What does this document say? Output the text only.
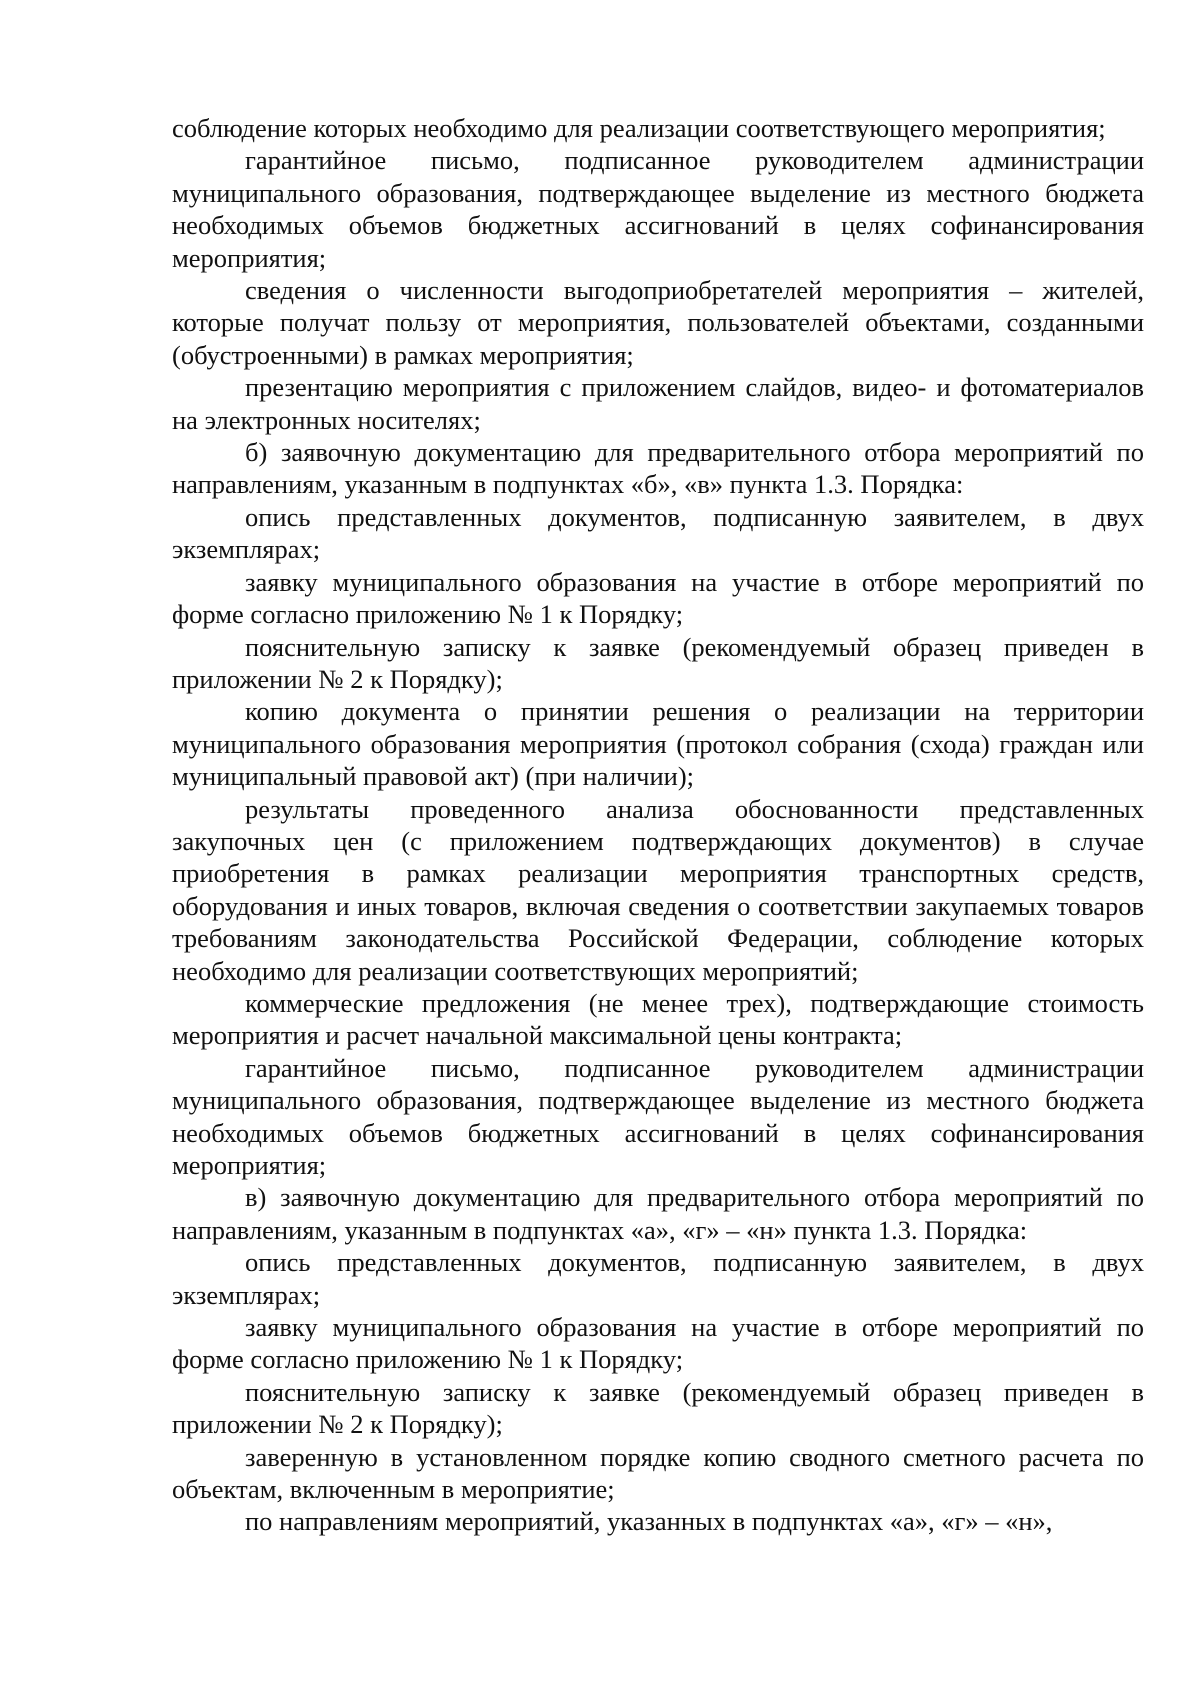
соблюдение которых необходимо для реализации соответствующего мероприятия;

гарантийное письмо, подписанное руководителем администрации муниципального образования, подтверждающее выделение из местного бюджета необходимых объемов бюджетных ассигнований в целях софинансирования мероприятия;

сведения о численности выгодоприобретателей мероприятия – жителей, которые получат пользу от мероприятия, пользователей объектами, созданными (обустроенными) в рамках мероприятия;

презентацию мероприятия с приложением слайдов, видео- и фотоматериалов на электронных носителях;

б) заявочную документацию для предварительного отбора мероприятий по направлениям, указанным в подпунктах «б», «в» пункта 1.3. Порядка:

опись представленных документов, подписанную заявителем, в двух экземплярах;

заявку муниципального образования на участие в отборе мероприятий по форме согласно приложению № 1 к Порядку;

пояснительную записку к заявке (рекомендуемый образец приведен в приложении № 2 к Порядку);

копию документа о принятии решения о реализации на территории муниципального образования мероприятия (протокол собрания (схода) граждан или муниципальный правовой акт) (при наличии);

результаты проведенного анализа обоснованности представленных закупочных цен (с приложением подтверждающих документов) в случае приобретения в рамках реализации мероприятия транспортных средств, оборудования и иных товаров, включая сведения о соответствии закупаемых товаров требованиям законодательства Российской Федерации, соблюдение которых необходимо для реализации соответствующих мероприятий;

коммерческие предложения (не менее трех), подтверждающие стоимость мероприятия и расчет начальной максимальной цены контракта;

гарантийное письмо, подписанное руководителем администрации муниципального образования, подтверждающее выделение из местного бюджета необходимых объемов бюджетных ассигнований в целях софинансирования мероприятия;

в) заявочную документацию для предварительного отбора мероприятий по направлениям, указанным в подпунктах «а», «г» – «н» пункта 1.3. Порядка:

опись представленных документов, подписанную заявителем, в двух экземплярах;

заявку муниципального образования на участие в отборе мероприятий по форме согласно приложению № 1 к Порядку;

пояснительную записку к заявке (рекомендуемый образец приведен в приложении № 2 к Порядку);

заверенную в установленном порядке копию сводного сметного расчета по объектам, включенным в мероприятие;

по направлениям мероприятий, указанных в подпунктах «а», «г» – «н»,
